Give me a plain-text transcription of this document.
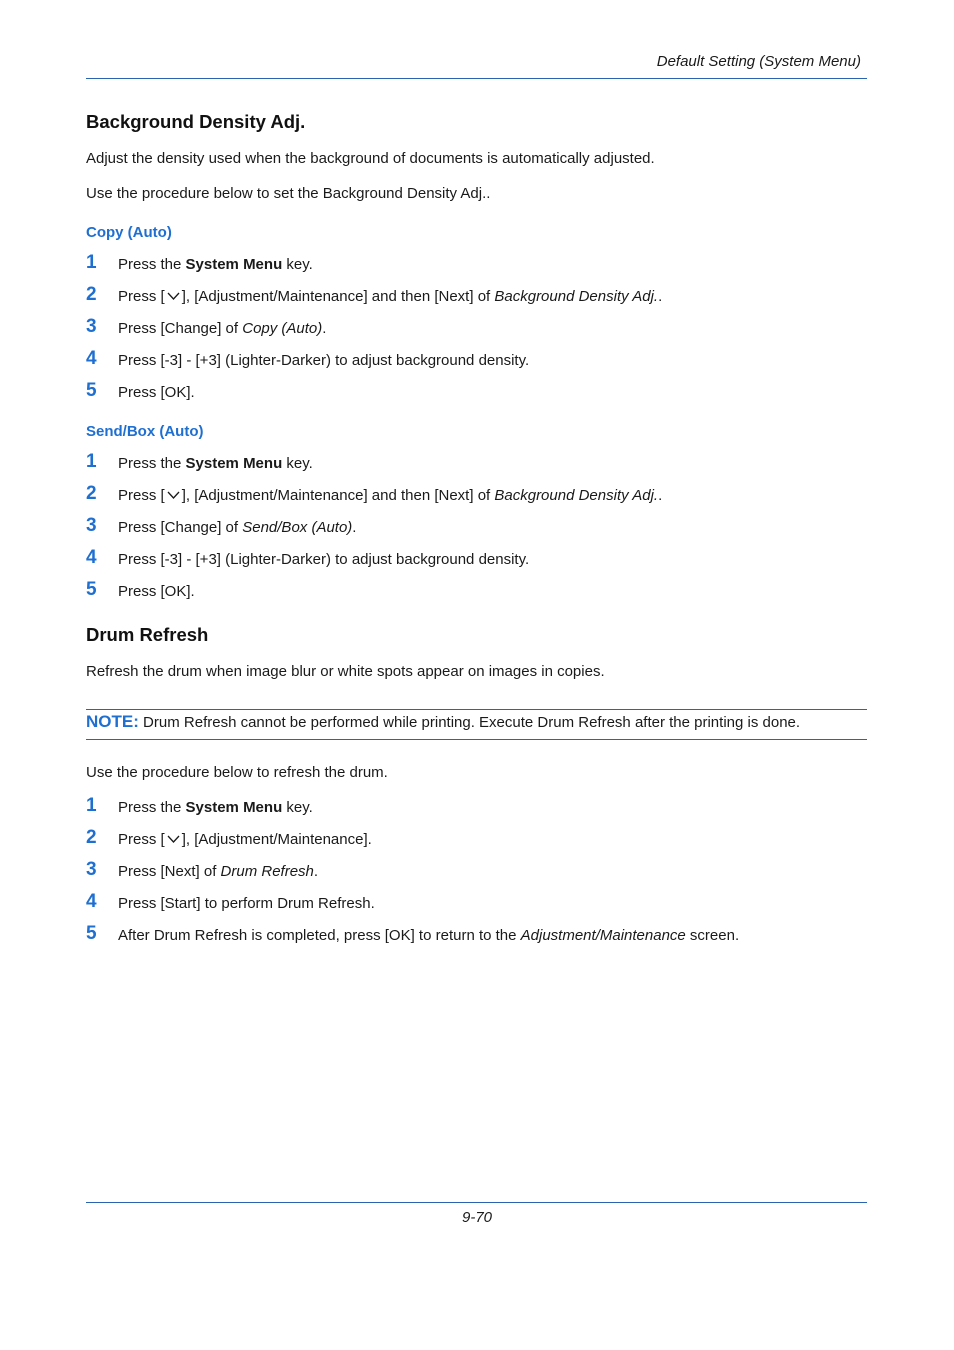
Default Setting (System Menu)
Background Density Adj.
Adjust the density used when the background of documents is automatically adjusted.
Use the procedure below to set the Background Density Adj..
Copy (Auto)
1 Press the System Menu key.
2 Press [ ], [Adjustment/Maintenance] and then [Next] of Background Density Adj..
3 Press [Change] of Copy (Auto).
4 Press [-3] - [+3] (Lighter-Darker) to adjust background density.
5 Press [OK].
Send/Box (Auto)
1 Press the System Menu key.
2 Press [ ], [Adjustment/Maintenance] and then [Next] of Background Density Adj..
3 Press [Change] of Send/Box (Auto).
4 Press [-3] - [+3] (Lighter-Darker) to adjust background density.
5 Press [OK].
Drum Refresh
Refresh the drum when image blur or white spots appear on images in copies.
NOTE: Drum Refresh cannot be performed while printing. Execute Drum Refresh after the printing is done.
Use the procedure below to refresh the drum.
1 Press the System Menu key.
2 Press [ ], [Adjustment/Maintenance].
3 Press [Next] of Drum Refresh.
4 Press [Start] to perform Drum Refresh.
5 After Drum Refresh is completed, press [OK] to return to the Adjustment/Maintenance screen.
9-70
